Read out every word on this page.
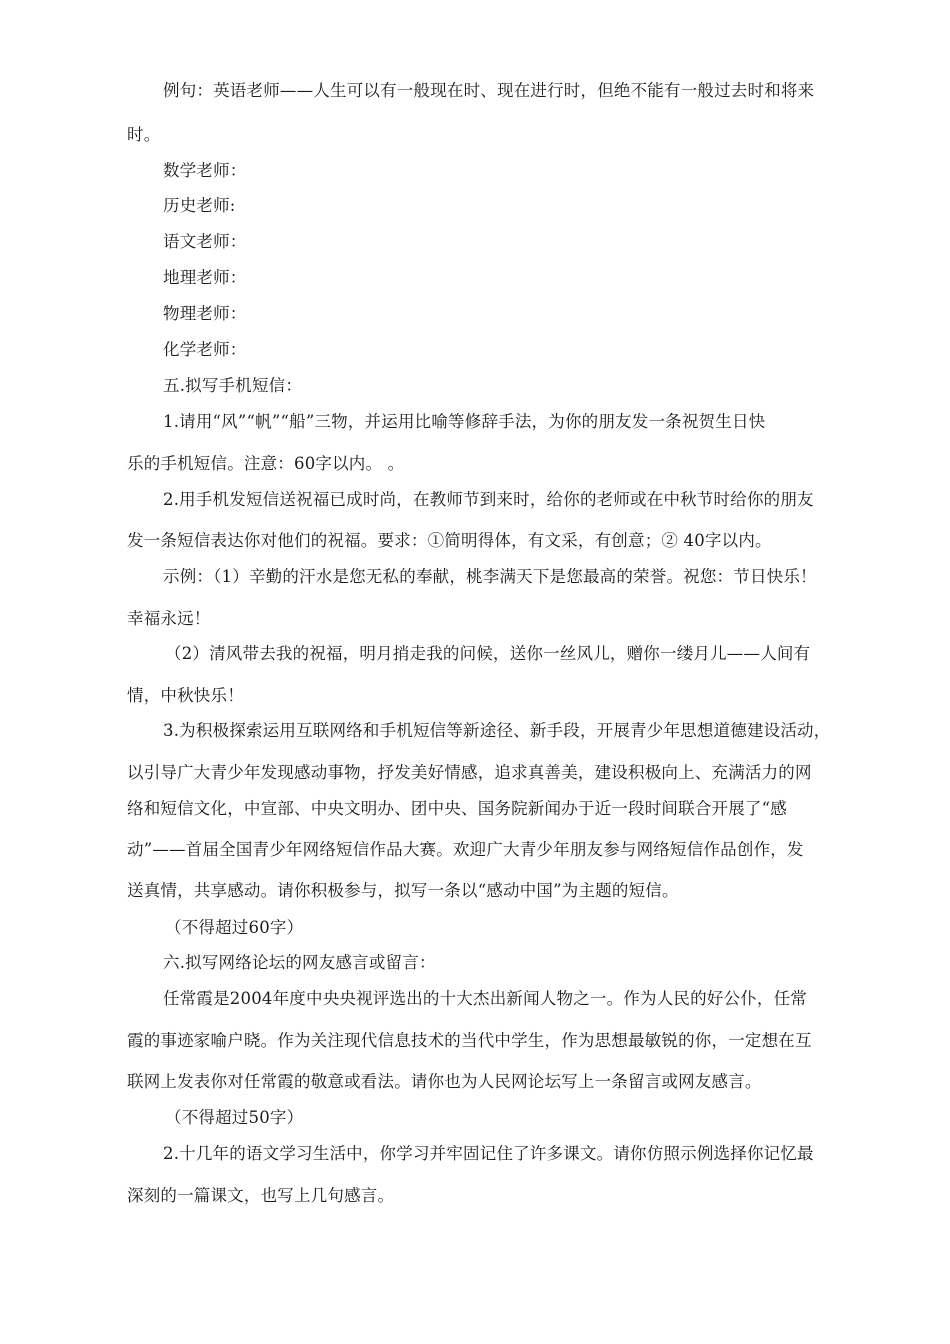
例句：英语老师——人生可以有一般现在时、现在进行时，但绝不能有一般过去时和将来
时。
数学老师：
历史老师:
语文老师：
地理老师：
物理老师：
化学老师：
五.拟写手机短信：
1.请用“风”“帆”“船”三物，并运用比喻等修辞手法，为你的朋友发一条祝贺生日快
乐的手机短信。注意：60字以内。 。
2.用手机发短信送祝福已成时尚，在教师节到来时，给你的老师或在中秋节时给你的朋友
发一条短信表达你对他们的祝福。要求：①简明得体，有文采，有创意；② 40字以内。
示例：（1）辛勤的汗水是您无私的奉献，桃李满天下是您最高的荣誉。祝您：节日快乐！
幸福永远！
（2）清风带去我的祝福，明月捎走我的问候，送你一丝风儿，赠你一缕月儿——人间有
情，中秋快乐！
3.为积极探索运用互联网络和手机短信等新途径、新手段，开展青少年思想道德建设活动，
以引导广大青少年发现感动事物，抒发美好情感，追求真善美，建设积极向上、充满活力的网
络和短信文化，中宣部、中央文明办、团中央、国务院新闻办于近一段时间联合开展了“感
动”——首届全国青少年网络短信作品大赛。欢迎广大青少年朋友参与网络短信作品创作，发
送真情，共享感动。请你积极参与，拟写一条以“感动中国”为主题的短信。
（不得超过60字）
六.拟写网络论坛的网友感言或留言：
任常霞是2004年度中央央视评选出的十大杰出新闻人物之一。作为人民的好公仆，任常
霞的事迹家喻户晓。作为关注现代信息技术的当代中学生，作为思想最敏锐的你，一定想在互
联网上发表你对任常霞的敬意或看法。请你也为人民网论坛写上一条留言或网友感言。
（不得超过50字）
2.十几年的语文学习生活中，你学习并牢固记住了许多课文。请你仿照示例选择你记忆最
深刻的一篇课文，也写上几句感言。
